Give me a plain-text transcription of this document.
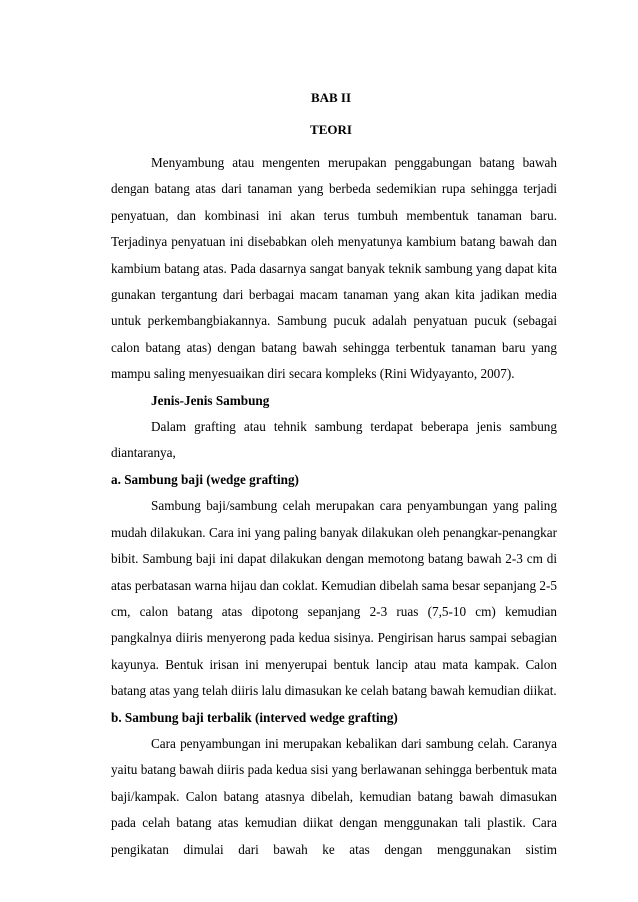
BAB II
TEORI

Menyambung atau mengenten merupakan penggabungan batang bawah dengan batang atas dari tanaman yang berbeda sedemikian rupa sehingga terjadi penyatuan, dan kombinasi ini akan terus tumbuh membentuk tanaman baru. Terjadinya penyatuan ini disebabkan oleh menyatunya kambium batang bawah dan kambium batang atas. Pada dasarnya sangat banyak teknik sambung yang dapat kita gunakan tergantung dari berbagai macam tanaman yang akan kita jadikan media untuk perkembangbiakannya. Sambung pucuk adalah penyatuan pucuk (sebagai calon batang atas) dengan batang bawah sehingga terbentuk tanaman baru yang mampu saling menyesuaikan diri secara kompleks (Rini Widyayanto, 2007).

Jenis-Jenis Sambung

Dalam grafting atau tehnik sambung terdapat beberapa jenis sambung diantaranya,

a. Sambung baji (wedge grafting)

Sambung baji/sambung celah merupakan cara penyambungan yang paling mudah dilakukan. Cara ini yang paling banyak dilakukan oleh penangkar-penangkar bibit. Sambung baji ini dapat dilakukan dengan memotong batang bawah 2-3 cm di atas perbatasan warna hijau dan coklat. Kemudian dibelah sama besar sepanjang 2-5 cm, calon batang atas dipotong sepanjang 2-3 ruas (7,5-10 cm) kemudian pangkalnya diiris menyerong pada kedua sisinya. Pengirisan harus sampai sebagian kayunya. Bentuk irisan ini menyerupai bentuk lancip atau mata kampak. Calon batang atas yang telah diiris lalu dimasukan ke celah batang bawah kemudian diikat.

b. Sambung baji terbalik (interved wedge grafting)

Cara penyambungan ini merupakan kebalikan dari sambung celah. Caranya yaitu batang bawah diiris pada kedua sisi yang berlawanan sehingga berbentuk mata baji/kampak. Calon batang atasnya dibelah, kemudian batang bawah dimasukan pada celah batang atas kemudian diikat dengan menggunakan tali plastik. Cara pengikatan dimulai dari bawah ke atas dengan menggunakan sistim
